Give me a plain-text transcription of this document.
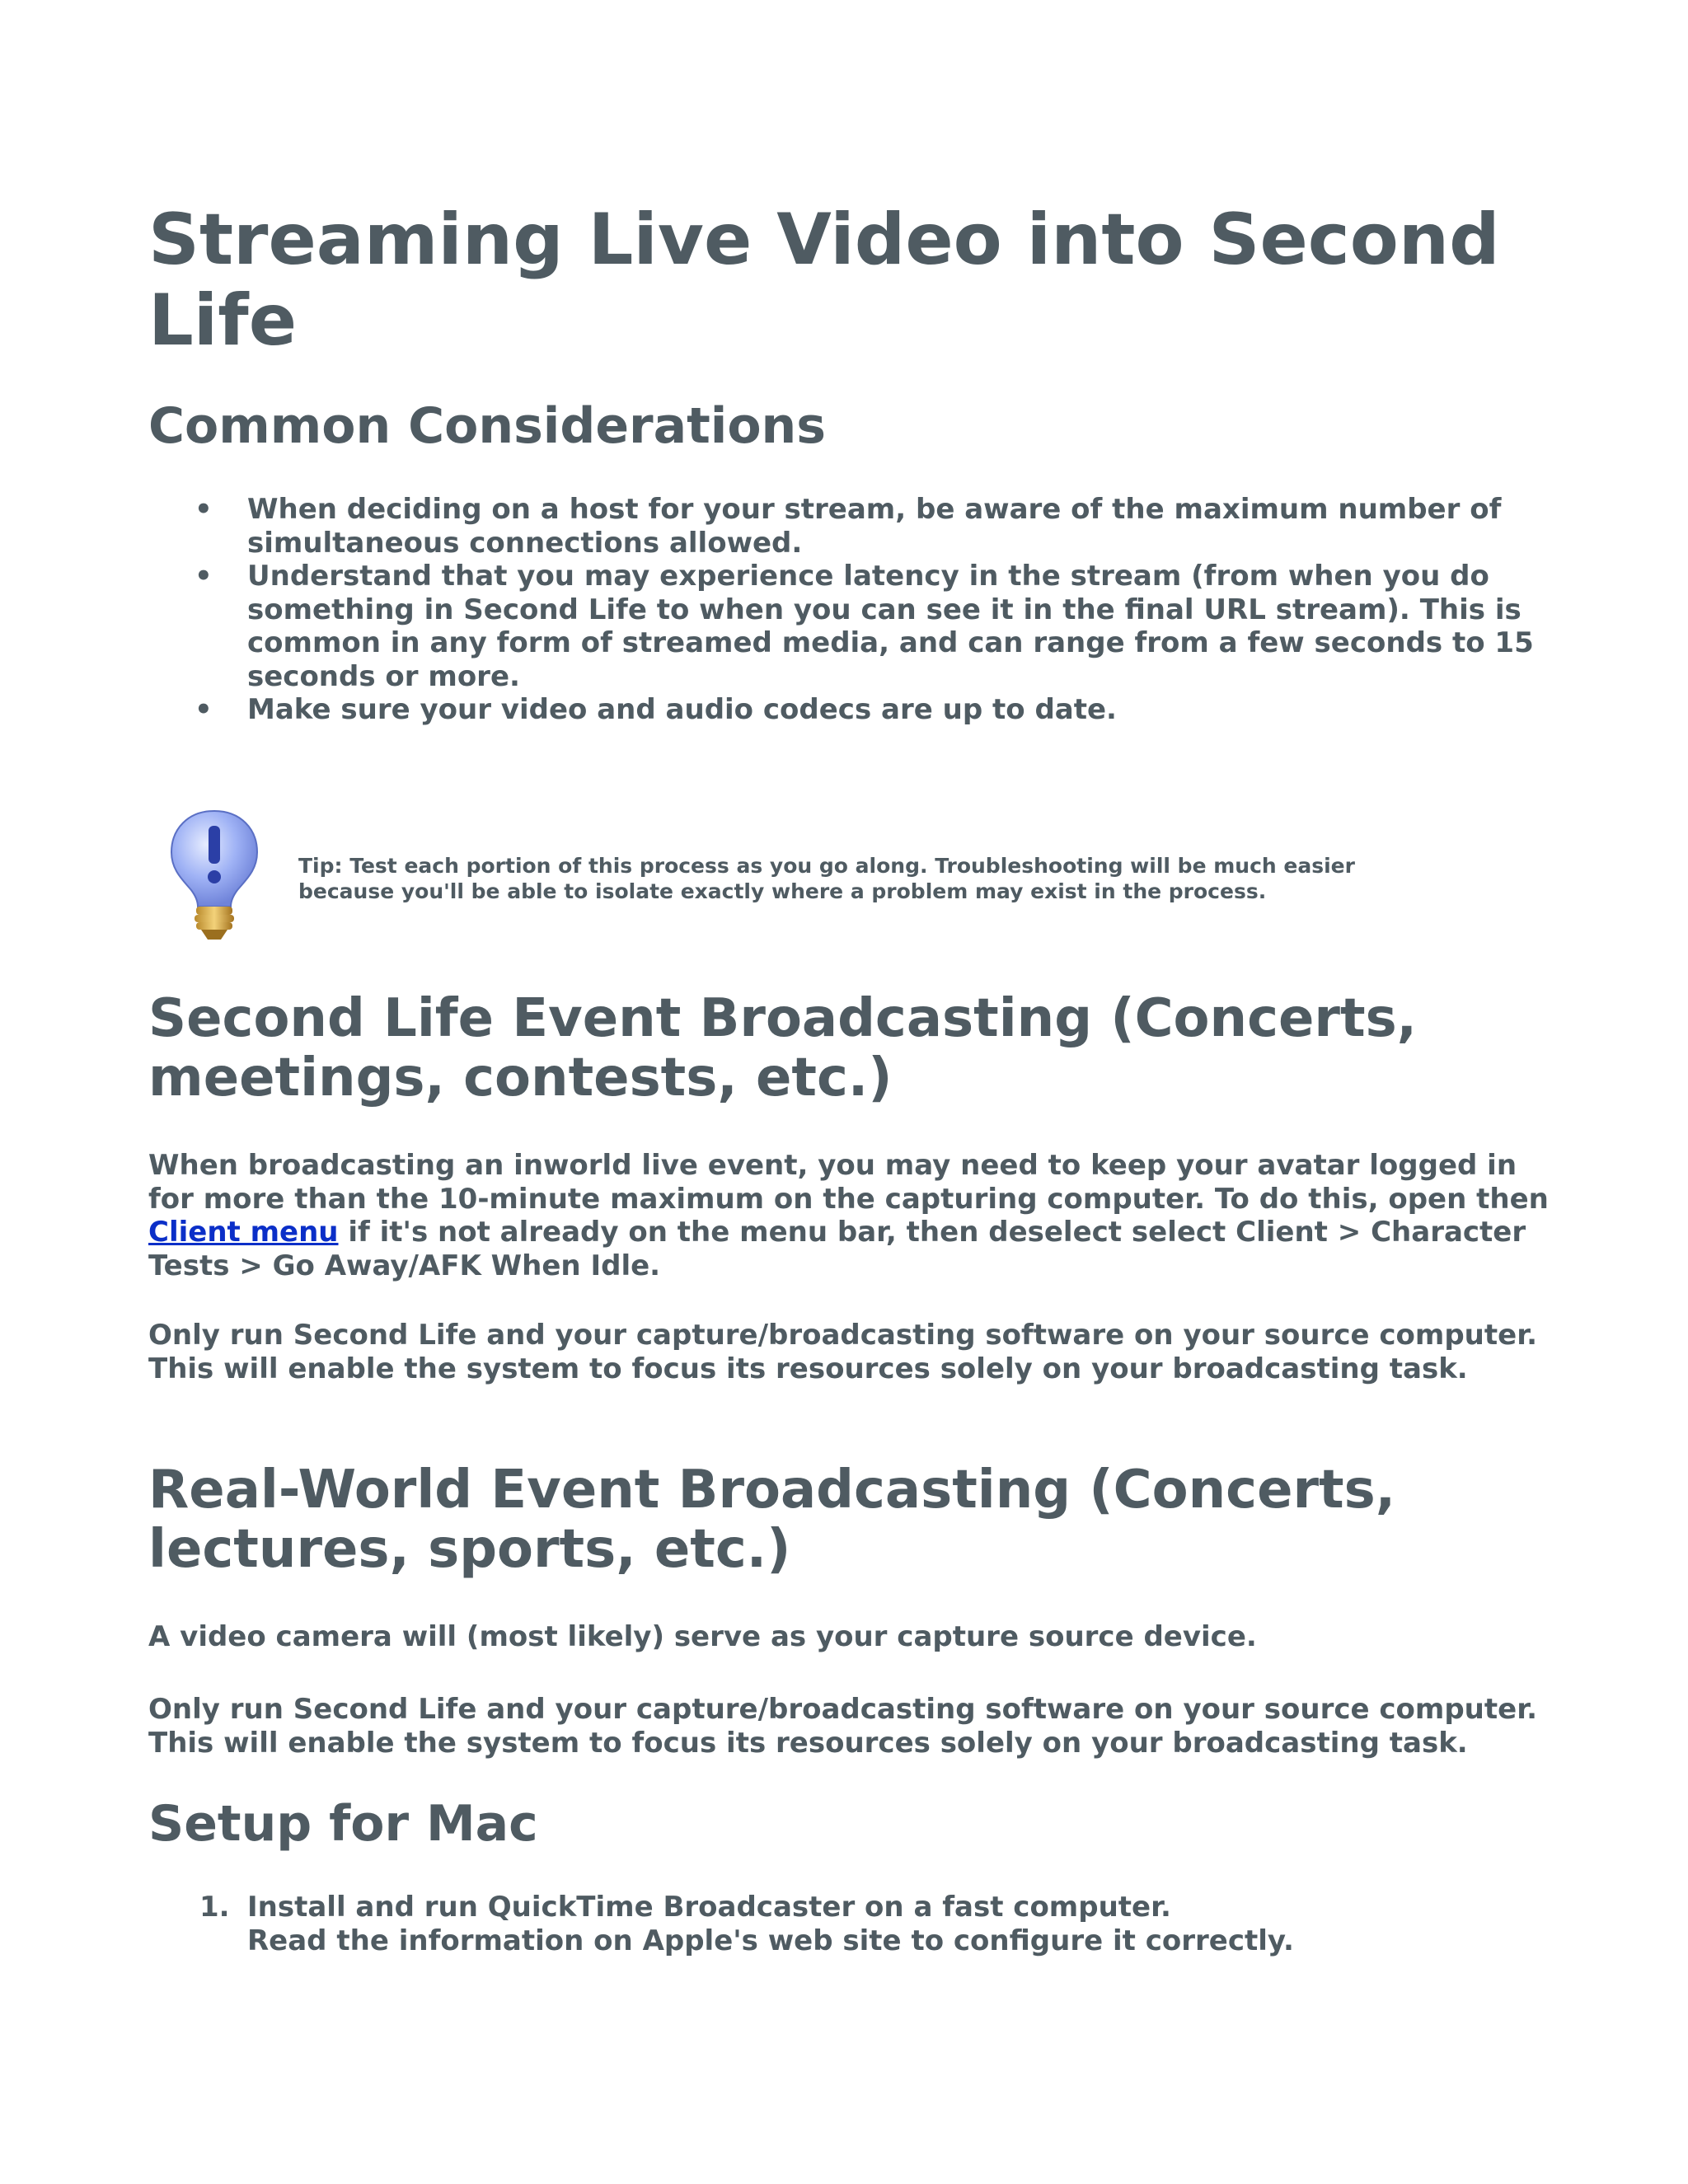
Streaming Live Video into Second Life
Common Considerations
• When deciding on a host for your stream, be aware of the maximum number of simultaneous connections allowed.
• Understand that you may experience latency in the stream (from when you do something in Second Life to when you can see it in the final URL stream). This is common in any form of streamed media, and can range from a few seconds to 15 seconds or more.
• Make sure your video and audio codecs are up to date.

Tip: Test each portion of this process as you go along. Troubleshooting will be much easier because you'll be able to isolate exactly where a problem may exist in the process.

Second Life Event Broadcasting (Concerts, meetings, contests, etc.)

When broadcasting an inworld live event, you may need to keep your avatar logged in for more than the 10-minute maximum on the capturing computer. To do this, open then Client menu if it's not already on the menu bar, then deselect select Client > Character Tests > Go Away/AFK When Idle.

Only run Second Life and your capture/broadcasting software on your source computer. This will enable the system to focus its resources solely on your broadcasting task.

Real-World Event Broadcasting (Concerts, lectures, sports, etc.)

A video camera will (most likely) serve as your capture source device.

Only run Second Life and your capture/broadcasting software on your source computer. This will enable the system to focus its resources solely on your broadcasting task.

Setup for Mac
1. Install and run QuickTime Broadcaster on a fast computer.
Read the information on Apple's web site to configure it correctly.
